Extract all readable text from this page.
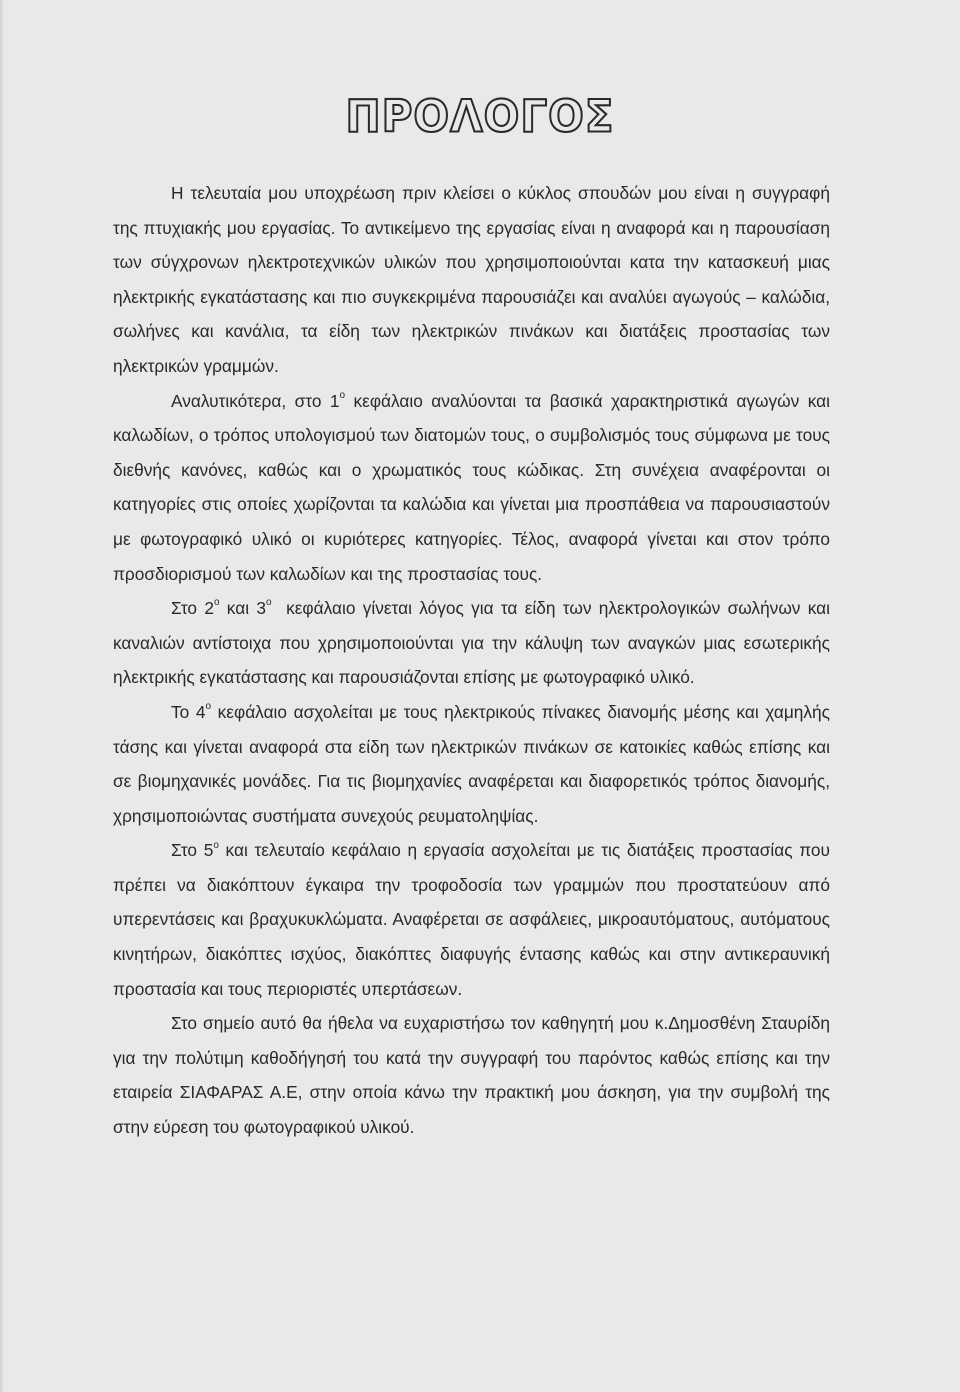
ΠΡΟΛΟΓΟΣ

Η τελευταία μου υποχρέωση πριν κλείσει ο κύκλος σπουδών μου είναι η συγγραφή της πτυχιακής μου εργασίας. Το αντικείμενο της εργασίας είναι η αναφορά και η παρουσίαση των σύγχρονων ηλεκτροτεχνικών υλικών που χρησιμοποιούνται κατα την κατασκευή μιας ηλεκτρικής εγκατάστασης και πιο συγκεκριμένα παρουσιάζει και αναλύει αγωγούς – καλώδια, σωλήνες και κανάλια, τα είδη των ηλεκτρικών πινάκων και διατάξεις προστασίας των ηλεκτρικών γραμμών.

Αναλυτικότερα, στο $1^o$ κεφάλαιο αναλύονται τα βασικά χαρακτηριστικά αγωγών και καλωδίων, ο τρόπος υπολογισμού των διατομών τους, ο συμβολισμός τους σύμφωνα με τους διεθνής κανόνες, καθώς και ο χρωματικός τους κώδικας. Στη συνέχεια αναφέρονται οι κατηγορίες στις οποίες χωρίζονται τα καλώδια και γίνεται μια προσπάθεια να παρουσιαστούν με φωτογραφικό υλικό οι κυριότερες κατηγορίες. Τέλος, αναφορά γίνεται και στον τρόπο προσδιορισμού των καλωδίων και της προστασίας τους.

Στο $2^o$ και $3^o$  κεφάλαιο γίνεται λόγος για τα είδη των ηλεκτρολογικών σωλήνων και καναλιών αντίστοιχα που χρησιμοποιούνται για την κάλυψη των αναγκών μιας εσωτερικής ηλεκτρικής εγκατάστασης και παρουσιάζονται επίσης με φωτογραφικό υλικό.

Το $4^o$ κεφάλαιο ασχολείται με τους ηλεκτρικούς πίνακες διανομής μέσης και χαμηλής τάσης και γίνεται αναφορά στα είδη των ηλεκτρικών πινάκων σε κατοικίες καθώς επίσης και σε βιομηχανικές μονάδες. Για τις βιομηχανίες αναφέρεται και διαφορετικός τρόπος διανομής, χρησιμοποιώντας συστήματα συνεχούς ρευματοληψίας.

Στο $5^o$ και τελευταίο κεφάλαιο η εργασία ασχολείται με τις διατάξεις προστασίας που πρέπει να διακόπτουν έγκαιρα την τροφοδοσία των γραμμών που προστατεύουν από υπερεντάσεις και βραχυκυκλώματα. Αναφέρεται σε ασφάλειες, μικροαυτόματους, αυτόματους κινητήρων, διακόπτες ισχύος, διακόπτες διαφυγής έντασης καθώς και στην αντικεραυνική προστασία και τους περιοριστές υπερτάσεων.

Στο σημείο αυτό θα ήθελα να ευχαριστήσω τον καθηγητή μου κ.Δημοσθένη Σταυρίδη για την πολύτιμη καθοδήγησή του κατά την συγγραφή του παρόντος καθώς επίσης και την εταιρεία ΣΙΑΦΑΡΑΣ Α.Ε, στην οποία κάνω την πρακτική μου άσκηση, για την συμβολή της στην εύρεση του φωτογραφικού υλικού.
